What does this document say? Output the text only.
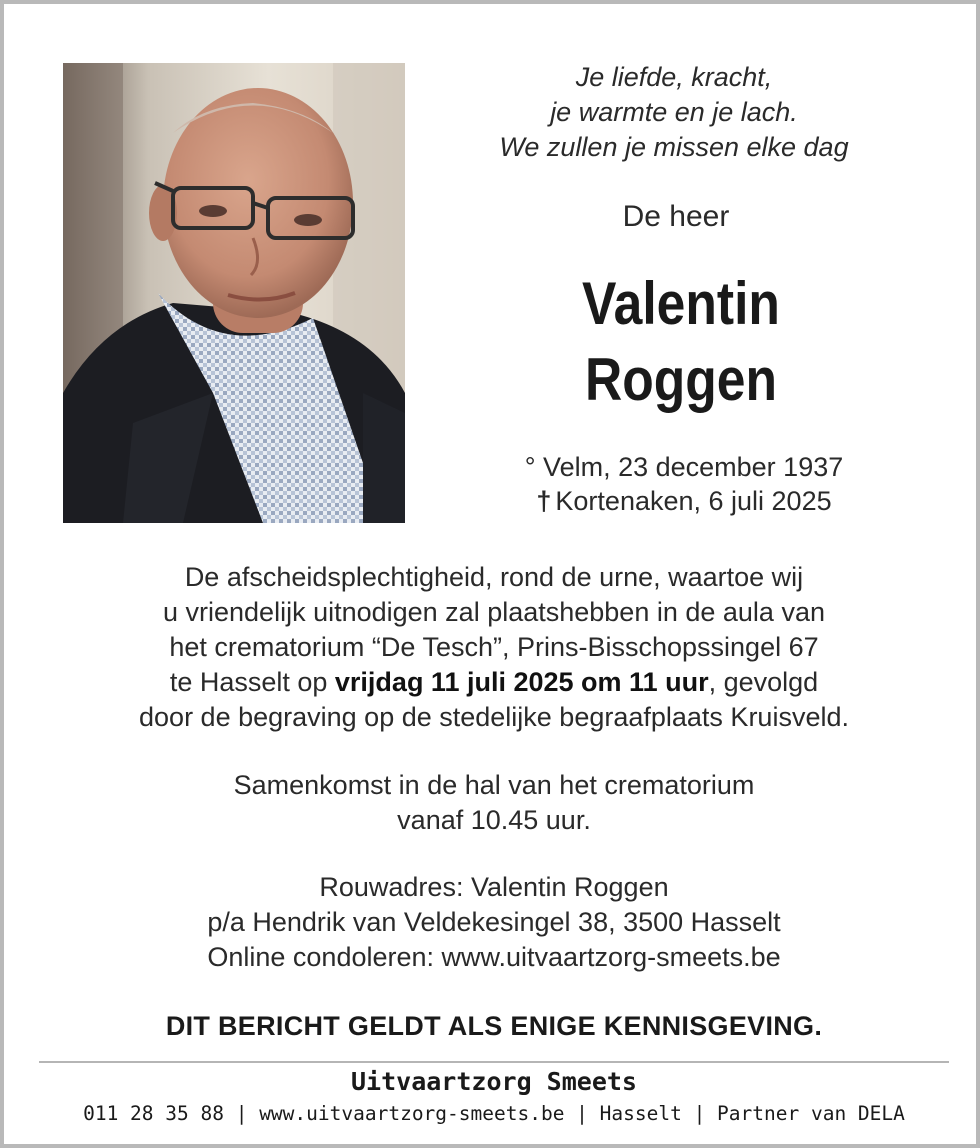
Je liefde, kracht,
je warmte en je lach.
We zullen je missen elke dag
De heer
Valentin
Roggen
° Velm, 23 december 1937
† Kortenaken, 6 juli 2025
De afscheidsplechtigheid, rond de urne, waartoe wij
u vriendelijk uitnodigen zal plaatshebben in de aula van
het crematorium “De Tesch”, Prins-Bisschopssingel 67
te Hasselt op vrijdag 11 juli 2025 om 11 uur, gevolgd
door de begraving op de stedelijke begraafplaats Kruisveld.
Samenkomst in de hal van het crematorium
vanaf 10.45 uur.
Rouwadres: Valentin Roggen
p/a Hendrik van Veldekesingel 38, 3500 Hasselt
Online condoleren: www.uitvaartzorg-smeets.be
DIT BERICHT GELDT ALS ENIGE KENNISGEVING.
Uitvaartzorg Smeets
011 28 35 88 | www.uitvaartzorg-smeets.be | Hasselt | Partner van DELA
